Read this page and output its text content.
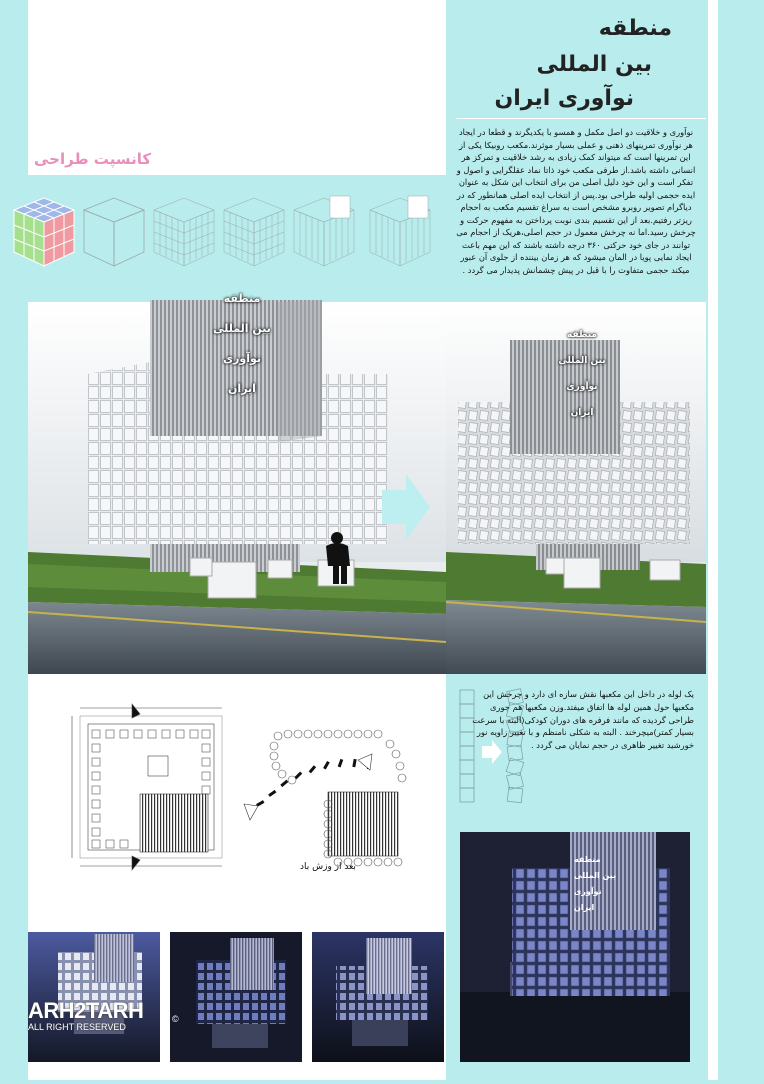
منطقه
بین المللی
نوآوری ایران
نوآوری و خلاقیت دو اصل مکمل و همسو با یکدیگرند و قطعا در ایجاد هر نوآوری تمرینهای ذهنی و عملی بسیار موثرند.مکعب روبیکا یکی از این تمرینها است که میتواند کمک زیادی به رشد خلاقیت و تمرکز هر انسانی داشته باشد.از طرفی مکعب خود ذاتا نماد عقلگرایی و اصول و تفکر است و این خود دلیل اصلی من برای انتخاب این شکل به عنوان ایده حجمی اولیه طراحی بود.پس از انتخاب ایده اصلی همانطور که در دیاگرام تصویر روبرو مشخص است به سراغ تقسیم مکعب به احجام ریزتر رفتیم.بعد از این تقسیم بندی نوبت پرداختن به مفهوم حرکت و چرخش رسید.اما نه چرخش معمول در حجم اصلی،هریک از احجام می توانند در جای خود حرکتی ۳۶۰ درجه داشته باشند که این مهم باعث ایجاد نمایی پویا در المان میشود که هر زمان بیننده از جلوی آن عبور میکند حجمی متفاوت را با قبل در پیش چشمانش پدیدار می گردد .
کانسپت طراحی
منطقه
بین المللی
نوآوری
ایران
منطقه
بین المللی
نوآوری
ایران
بعد از وزش باد
یک لوله در داخل این مکعبها نقش سازه ای دارد و چرخش این مکعبها حول همین لوله ها اتفاق میفتد.وزن مکعبها هم جوری طراحی گردیده که مانند فرفره های دوران کودکی(البته با سرعت بسیار کمتر)میچرخند . البته به شکلی نامنظم و با تغییر زاویه نور خورشید تغییر ظاهری در حجم نمایان می گردد .
منطقه
بین المللی
نوآوری
ایران
ARH2TARH
ALL RIGHT RESERVED
©
